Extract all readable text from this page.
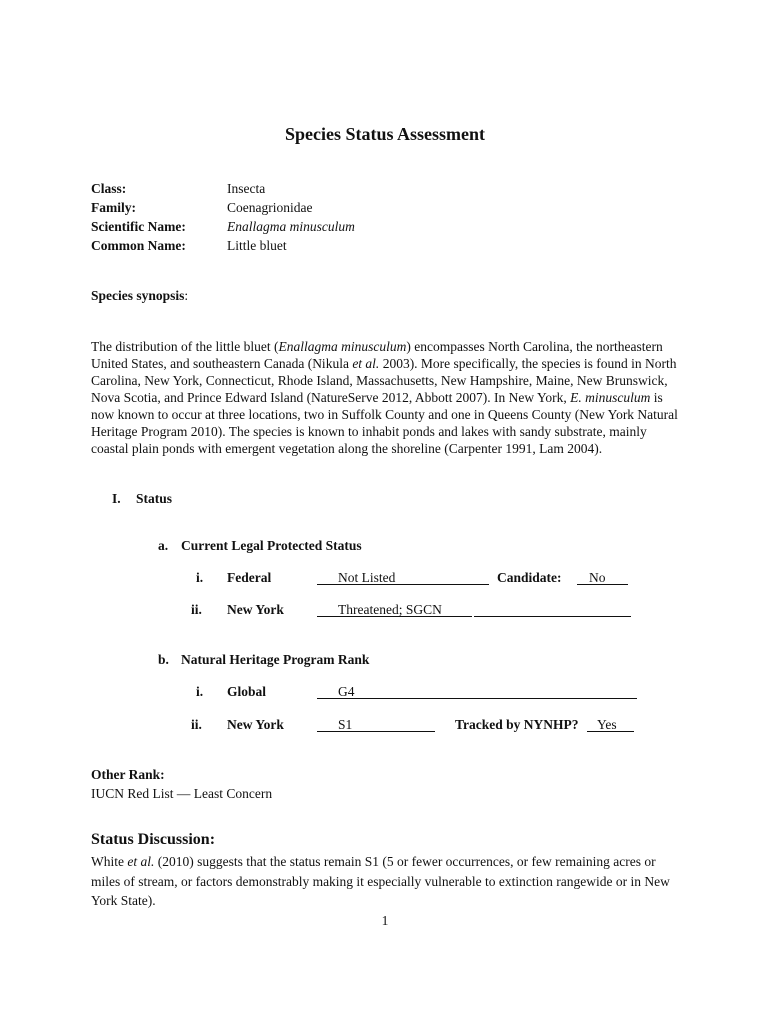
Species Status Assessment
Class:	Insecta
Family:	Coenagrionidae
Scientific Name:	Enallagma minusculum
Common Name:	Little bluet
Species synopsis:
The distribution of the little bluet (Enallagma minusculum) encompasses North Carolina, the northeastern United States, and southeastern Canada (Nikula et al. 2003). More specifically, the species is found in North Carolina, New York, Connecticut, Rhode Island, Massachusetts, New Hampshire, Maine, New Brunswick, Nova Scotia, and Prince Edward Island (NatureServe 2012, Abbott 2007). In New York, E. minusculum is now known to occur at three locations, two in Suffolk County and one in Queens County (New York Natural Heritage Program 2010). The species is known to inhabit ponds and lakes with sandy substrate, mainly coastal plain ponds with emergent vegetation along the shoreline (Carpenter 1991, Lam 2004).
I. Status
a. Current Legal Protected Status
i. Federal	Not Listed	Candidate: No
ii. New York	Threatened; SGCN
b. Natural Heritage Program Rank
i. Global	G4
ii. New York	S1	Tracked by NYNHP? Yes
Other Rank:
IUCN Red List — Least Concern
Status Discussion:
White et al. (2010) suggests that the status remain S1 (5 or fewer occurrences, or few remaining acres or miles of stream, or factors demonstrably making it especially vulnerable to extinction rangewide or in New York State).
1
